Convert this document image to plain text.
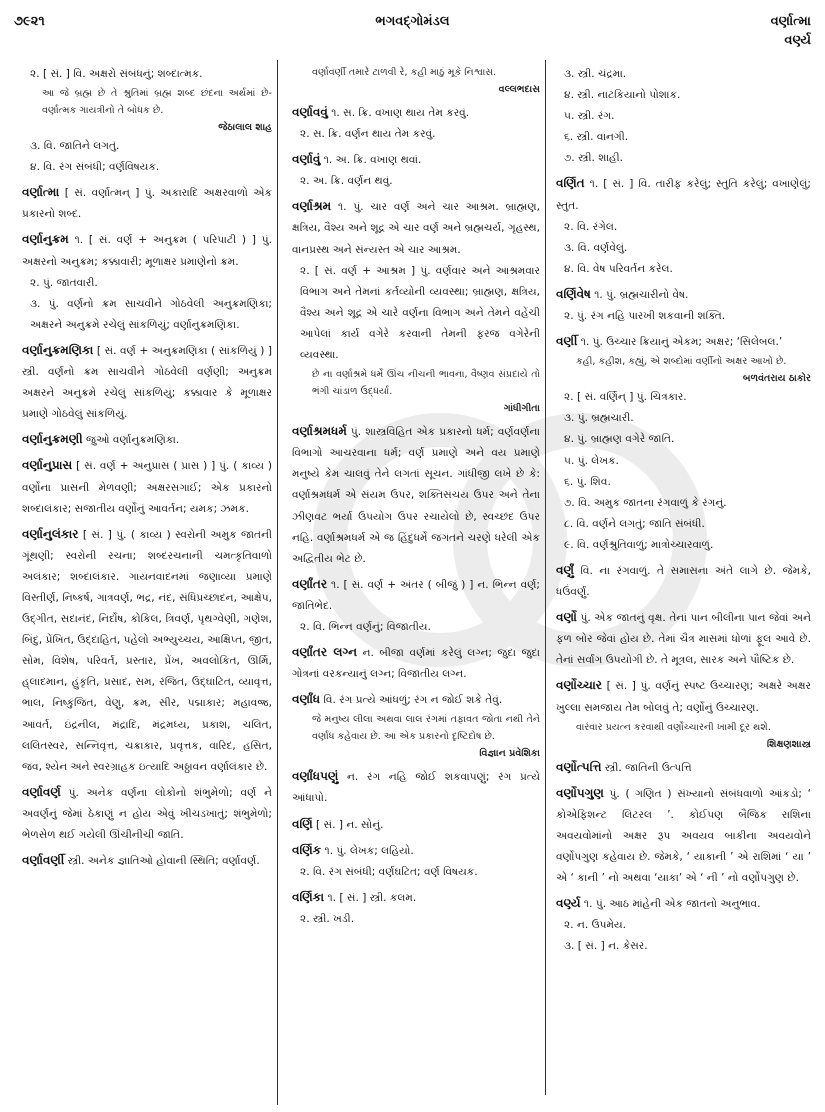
૭૯૨૧	ભગવદ્ગોમંડલ	વર્ણાત્મા
વર્ણ્ય
૨. [ સં. ] વિ. અક્ષરો સંબંધનું; શબ્દાત્મક.
આ જે બ્રહ્મ છે તે શ્રુતિમાં બ્રહ્મ શબ્દ છંદના અર્થમાં છે-વર્ણાત્મક ગાયત્રીનો તે બોધક છે.
જેઠાલાલ શાહ
૩. વિ. જાતિને લગતું.
૪. વિ. રંગ સંબંધી; વર્ણવિષયક.
વર્ણાત્મા [ સં. વર્ણાત્મન્ ] પું. અકારાદિ અક્ષરવાળો એક પ્રકારનો શબ્દ.
વર્ણાનુક્રમ ૧. [ સં. વર્ણ + અનુક્રમ ( પરિપાટી ) ] પું. અક્ષરનો અનુક્રમ; કક્કાવારી; મૂળાક્ષર પ્રમાણેનો ક્રમ.
૨. પું. જાતવારી.
૩. પું. વર્ણનો ક્રમ સાચવીને ગોઠવેલી અનુક્રમણિકા; અક્ષરને અનુક્રમે રચેલું સાંકળિયું; વર્ણાનુક્રમણિકા.
વર્ણાનુક્રમણિકા [ સં. વર્ણ + અનુક્રમણિકા ( સાંકળિયું ) ] સ્ત્રી. વર્ણનો ક્રમ સાચવીને ગોઠવેલી વર્ણણી; અનુક્રમ અક્ષરને અનુક્રમે રચેલું સાંકળિયું; કક્કાવાર કે મૂળાક્ષર પ્રમાણે ગોઠવેલું સાંકળિયું.
વર્ણાનુક્રમણી જુઓ વર્ણાનુક્રમણિકા.
વર્ણાનુપ્રાસ [ સં. વર્ણ + અનુપ્રાસ ( પ્રાસ ) ] પું. ( કાવ્ય ) વર્ણોના પ્રાસની મેળવણી; અક્ષરસગાઈ; એક પ્રકારનો શબ્દાલંકાર; સજાતીય વર્ણોનું આવર્તન; યમક; ઝમક.
વર્ણાનુલંકાર [ સં. ] પું. ( કાવ્ય ) સ્વરોની અમુક જાતની ગૂંથણી; સ્વરોની રચના; શબ્દરચનાની ચમત્કૃતિવાળો અલંકાર; શબ્દાલંકાર. ગાયનવાદનમાં જણાવ્યા પ્રમાણે વિસ્તીર્ણ, નિષ્કર્ષ, ગાત્રવર્ણ, ભદ્ર, નંદ, સંધિપ્રચ્છાદન, આક્ષેપ, ઉદ્‌ગીત, સદાનંદ, નિર્દોષ, કોકિલ, ત્રિવર્ણ, પૃથગ્વેણી, ગણેશ, બિંદુ, પ્રેંખિત, ઉદ્દાહિત, પહેલો અભ્યુચ્ચય, આક્ષિપ્ત, જીત, સોમ, વિશેષ, પરિવર્ત, પ્રસ્તાર, પ્રેંખ, અવલોકિત, ઊર્મિ, હ્‌લાદમાન, હુંકૃતિ, પ્રસાદ, સમ, રંજિત, ઉદ્‌ઘાટિત, વ્યાવૃત્ત, ભાલ, નિષ્કુંજિત, વેણુ, ક્રમ, સીર, પદ્માકાર; મહાવજ્ર, આવર્ત, ઇંદ્રનીલ, મંદ્રાદિ, મંદ્રમધ્ય, પ્રકાશ, ચલિત, લલિતસ્વર, સન્નિવૃત્ત, ચક્રાકાર, પ્રવૃત્તક, વારિદ, હસિત, જવ, શ્યેન અને સ્વરગ્રાહક ઇત્યાદિ અઠ્ઠાવન વર્ણાલંકાર છે.
વર્ણાવર્ણ પું. અનેક વર્ણના લોકોનો શંભુમેળો; વર્ણ ને અવર્ણનું જેમાં ઠેકાણું ન હોય એવું ખીચડખાતું; શંભુમેળો; ભેળસેળ થઈ ગયેલી ઊંચીનીચી જાતિ.
વર્ણાવર્ણી સ્ત્રી. અનેક જ્ઞાતિઓ હોવાની સ્થિતિ; વર્ણાવર્ણ.
વર્ણાવર્ણી તમારે ટાળવી રે, કહી માઠું મૂકે નિશ્વાસ.
વલ્લભદાસ
વર્ણાવવું ૧. સ. ક્રિ. વખાણ થાય તેમ કરવું.
૨. સ. ક્રિ. વર્ણન થાય તેમ કરવું.
વર્ણાવું ૧. અ. ક્રિ. વખાણ થવાં.
૨. અ. ક્રિ. વર્ણન થવું.
વર્ણાશ્રમ ૧. પું. ચાર વર્ણ અને ચાર આશ્રમ. બ્રાહ્મણ, ક્ષત્રિય, વૈશ્ય અને શૂદ્ર એ ચાર વર્ણ અને બ્રહ્મચર્ય, ગૃહસ્થ, વાનપ્રસ્થ અને સંન્યસ્ત એ ચાર આશ્રમ.
૨. [ સં. વર્ણ + આશ્રમ ] પું. વર્ણવાર અને આશ્રમવાર વિભાગ અને તેમનાં કર્તવ્યોની વ્યવસ્થા; બ્રાહ્મણ, ક્ષત્રિય, વૈશ્ય અને શૂદ્ર એ ચારે વર્ણના વિભાગ અને તેમને વહેંચી આપેલાં કાર્ય વગેરે કરવાની તેમની ફરજ વગેરેની વ્યવસ્થા.
છે ના વર્ણાશ્રમે ધર્મે ઊંચ નીચની ભાવના, વૈષ્ણવ સંપ્રદાયે તો ભંગી ચાંડાળ ઉદ્ધર્યા.
ગાંધીગીતા
વર્ણાશ્રમધર્મ પું. શાસ્ત્રવિહિત એક પ્રકારનો ધર્મ; વર્ણવર્ણના વિભાગો આચરવાના ધર્મ; વર્ણ પ્રમાણે અને વય પ્રમાણે મનુષ્યે કેમ ચાલવું તેને લગતાં સૂચન. ગાંધીજી લખે છે કે: વર્ણાશ્રમધર્મ એ સંયમ ઉપર, શક્તિસંચય ઉપર અને તેના ઝીણવટ ભર્યા ઉપયોગ ઉપર રચાયેલો છે, સ્વચ્છંદ ઉપર નહિ. વર્ણાશ્રમધર્મ એ જ હિંદુધર્મે જગતને ચરણે ધરેલી એક અદ્વિતીય ભેટ છે.
વર્ણાંતર ૧. [ સં. વર્ણ + અંતર ( બીજું ) ] ન. ભિન્ન વર્ણ; જાતિભેદ.
૨. વિ. ભિન્ન વર્ણનું; વિજાતીય.
વર્ણાંતર લગ્ન ન. બીજા વર્ણમાં કરેલું લગ્ન; જુદા જુદા ગોત્રનાં વરકન્યાનું લગ્ન; વિજાતીય લગ્ન.
વર્ણાંધ વિ. રંગ પ્રત્યે આંધળું; રંગ ન જોઈ શકે તેવું.
જે મનુષ્ય લીલા અથવા લાલ રંગમાં તફાવત જોતા નથી તેને વર્ણાંધ કહેવાય છે. આ એક પ્રકારનો દૃષ્ટિદોષ છે.
વિજ્ઞાન પ્રવેશિકા
વર્ણાંધપણું ન. રંગ નહિ જોઈ શકવાપણું; રંગ પ્રત્યે આંધાપો.
વર્ણિ [ સં. ] ન. સોનું.
વર્ણિક ૧. પું. લેખક; લહિયો.
૨. વિ. રંગ સંબંધી; વર્ણઘટિત; વર્ણ વિષયક.
વર્ણિકા ૧. [ સં. ] સ્ત્રી. કલમ.
૨. સ્ત્રી. ખડી.
૩. સ્ત્રી. ચંદ્રમા.
૪. સ્ત્રી. નાટકિયાનો પોશાક.
૫. સ્ત્રી. રંગ.
૬. સ્ત્રી. વાનગી.
૭. સ્ત્રી. શાહી.
વર્ણિત ૧. [ સં. ] વિ. તારીફ કરેલું; સ્તુતિ કરેલું; વખાણેલું; સ્તુત.
૨. વિ. રંગેલ.
૩. વિ. વર્ણવેલું.
૪. વિ. વેષ પરિવર્તન કરેલ.
વર્ણિવેષ ૧. પું. બ્રહ્મચારીનો વેષ.
૨. પું. રંગ નહિ પારખી શકવાની શક્તિ.
વર્ણી ૧. પું. ઉચ્ચાર ક્રિયાનું એકમ; અક્ષર; ‘સિલેબલ.’
કહી, કહીશ, કહ્યું, એ શબ્દોમાં વર્ણીનો અક્ષર આખો છે.
બળવંતરાય ઠાકોર
૨. [ સં. વર્ણિન્ ] પું. ચિત્રકાર.
૩. પું. બ્રહ્મચારી.
૪. પું. બ્રાહ્મણ વગેરે જાતિ.
૫. પું. લેખક.
૬. પું. શિવ.
૭. વિ. અમુક જાતના રંગવાળું કે રંગનું.
૮. વિ. વર્ણને લગતું; જાતિ સંબંધી.
૯. વિ. વર્ણશ્રુતિવાળું; માત્રોચ્ચારવાળું.
વર્ણું વિ. ના રંગવાળું. તે સમાસના અંતે લાગે છે. જેમકે, ધઉંવર્ણું.
વર્ણો પું. એક જાતનું વૃક્ષ. તેનાં પાન બીલીના પાન જેવાં અને ફળ બોર જેવાં હોય છે. તેમાં ચૈત્ર માસમાં ધોળાં ફૂલ આવે છે. તેનાં સર્વાંગ ઉપયોગી છે. તે મૂત્રલ, સારક અને પૌષ્ટિક છે.
વર્ણોચ્ચાર [ સં. ] પું. વર્ણનું સ્પષ્ટ ઉચ્ચારણ; અક્ષરે અક્ષર ખુલ્લા સમજાય તેમ બોલવું તે; વર્ણોનું ઉચ્ચારણ.
વારંવાર પ્રયત્ન કરવાથી વર્ણોચ્ચારની ખામી દૂર થશે.
શિક્ષણશાસ્ત્ર
વર્ણોત્પત્તિ સ્ત્રી. જાતિની ઉત્પત્તિ
વર્ણોપગુણ પું. ( ગણિત ) સંખ્યાનો સંબંધવાળો આંકડો; ‘ કોએફિશન્ટ લિટરલ ’. કોઈપણ બૈજિક રાશિના અવયવોમાંનો અક્ષર રૂપ અવયવ બાકીના અવયવોને વર્ણોપગુણ કહેવાય છે. જેમકે, ‘ યાકાની ’ એ રાશિમાં ‘ યા ’ એ ‘ કાની ’ નો અથવા ‘યાકા’ એ ‘ ની ’ નો વર્ણોપગુણ છે.
વર્ણ્ય ૧. પું. આઠ માંહેની એક જાતનો અનુભાવ.
૨. ન. ઉપમેય.
૩. [ સં. ] ન. કેસર.
